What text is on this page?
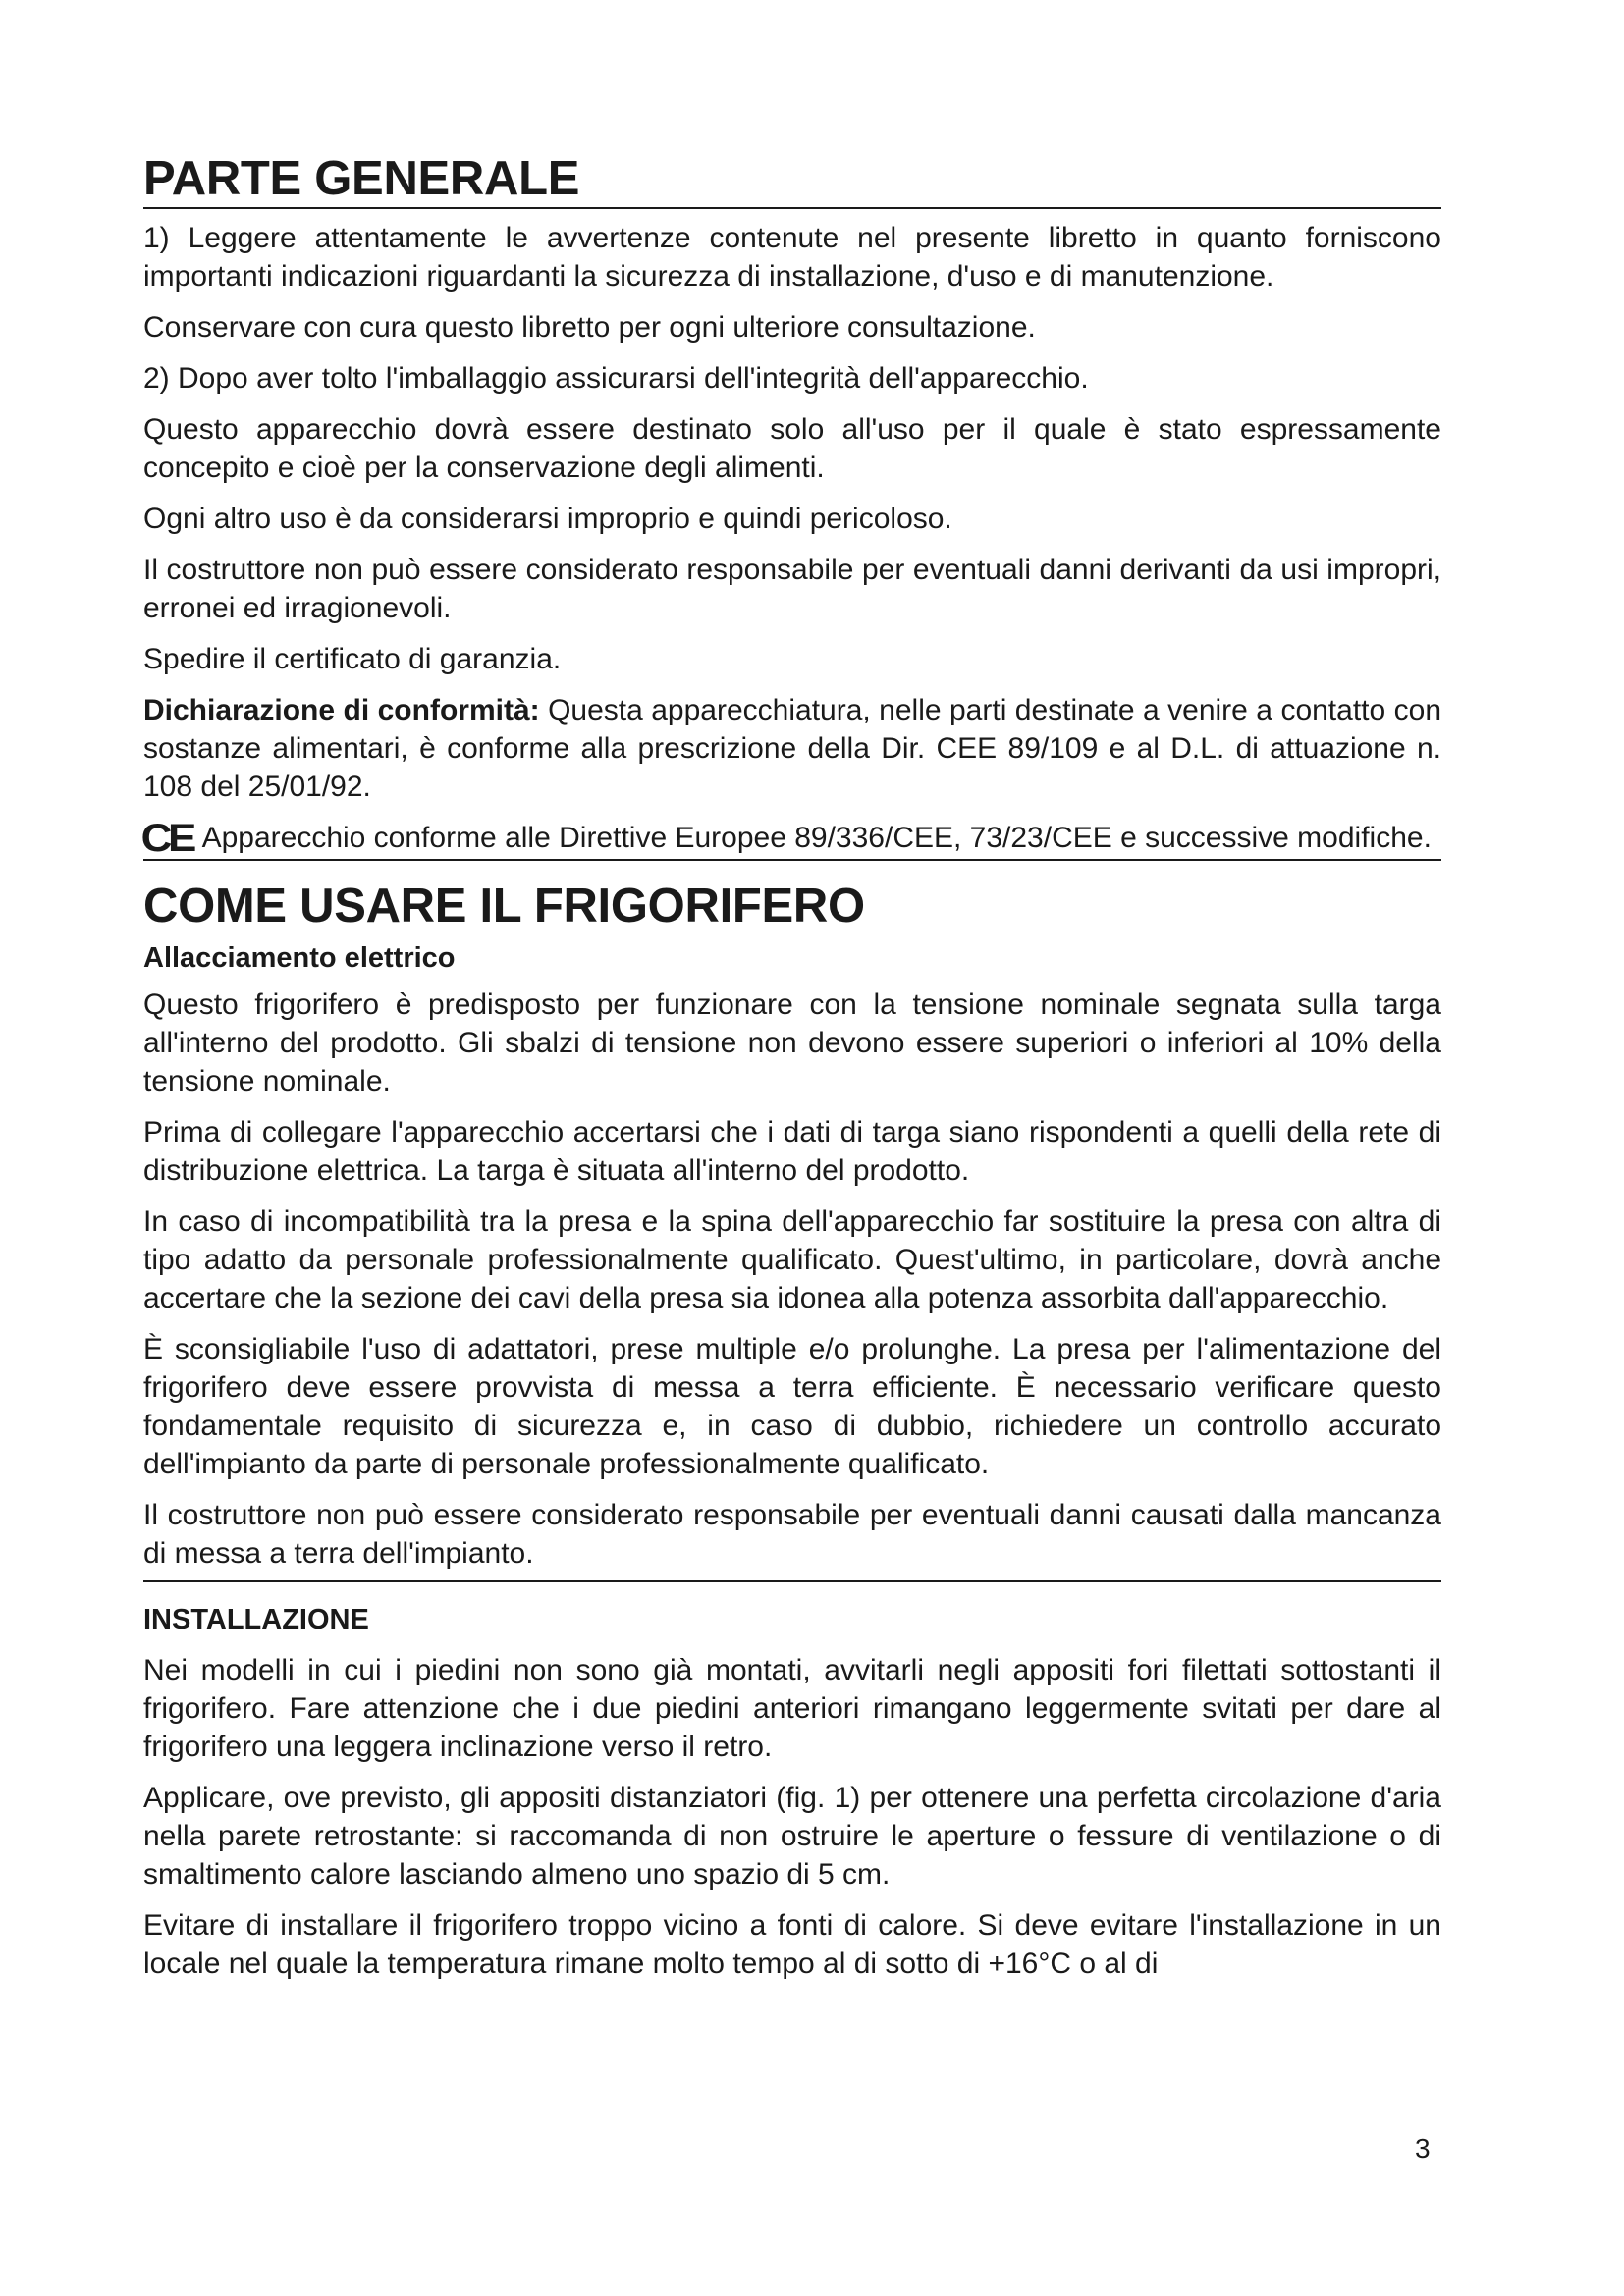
PARTE GENERALE

1) Leggere attentamente le avvertenze contenute nel presente libretto in quanto forniscono importanti indicazioni riguardanti la sicurezza di installazione, d'uso e di manutenzione.

Conservare con cura questo libretto per ogni ulteriore consultazione.

2) Dopo aver tolto l'imballaggio assicurarsi dell'integrità dell'apparecchio.

Questo apparecchio dovrà essere destinato solo all'uso per il quale è stato espressamente concepito e cioè per la conservazione degli alimenti.

Ogni altro uso è da considerarsi improprio e quindi pericoloso.

Il costruttore non può essere considerato responsabile per eventuali danni derivanti da usi impropri, erronei ed irragionevoli.

Spedire il certificato di garanzia.

Dichiarazione di conformità: Questa apparecchiatura, nelle parti destinate a venire a contatto con sostanze alimentari, è conforme alla prescrizione della Dir. CEE 89/109 e al D.L. di attuazione n. 108 del 25/01/92.

CE Apparecchio conforme alle Direttive Europee 89/336/CEE, 73/23/CEE e successive modifiche.

COME USARE IL FRIGORIFERO
Allacciamento elettrico

Questo frigorifero è predisposto per funzionare con la tensione nominale segnata sulla targa all'interno del prodotto. Gli sbalzi di tensione non devono essere superiori o inferiori al 10% della tensione nominale.

Prima di collegare l'apparecchio accertarsi che i dati di targa siano rispondenti a quelli della rete di distribuzione elettrica. La targa è situata all'interno del prodotto.

In caso di incompatibilità tra la presa e la spina dell'apparecchio far sostituire la presa con altra di tipo adatto da personale professionalmente qualificato. Quest'ultimo, in particolare, dovrà anche accertare che la sezione dei cavi della presa sia idonea alla potenza assorbita dall'apparecchio.

È sconsigliabile l'uso di adattatori, prese multiple e/o prolunghe. La presa per l'alimentazione del frigorifero deve essere provvista di messa a terra efficiente. È necessario verificare questo fondamentale requisito di sicurezza e, in caso di dubbio, richiedere un controllo accurato dell'impianto da parte di personale professionalmente qualificato.

Il costruttore non può essere considerato responsabile per eventuali danni causati dalla mancanza di messa a terra dell'impianto.

INSTALLAZIONE

Nei modelli in cui i piedini non sono già montati, avvitarli negli appositi fori filettati sottostanti il frigorifero. Fare attenzione che i due piedini anteriori rimangano leggermente svitati per dare al frigorifero una leggera inclinazione verso il retro.

Applicare, ove previsto, gli appositi distanziatori (fig. 1) per ottenere una perfetta circolazione d'aria nella parete retrostante: si raccomanda di non ostruire le aperture o fessure di ventilazione o di smaltimento calore lasciando almeno uno spazio di 5 cm.

Evitare di installare il frigorifero troppo vicino a fonti di calore. Si deve evitare l'installazione in un locale nel quale la temperatura rimane molto tempo al di sotto di +16°C o al di

3
